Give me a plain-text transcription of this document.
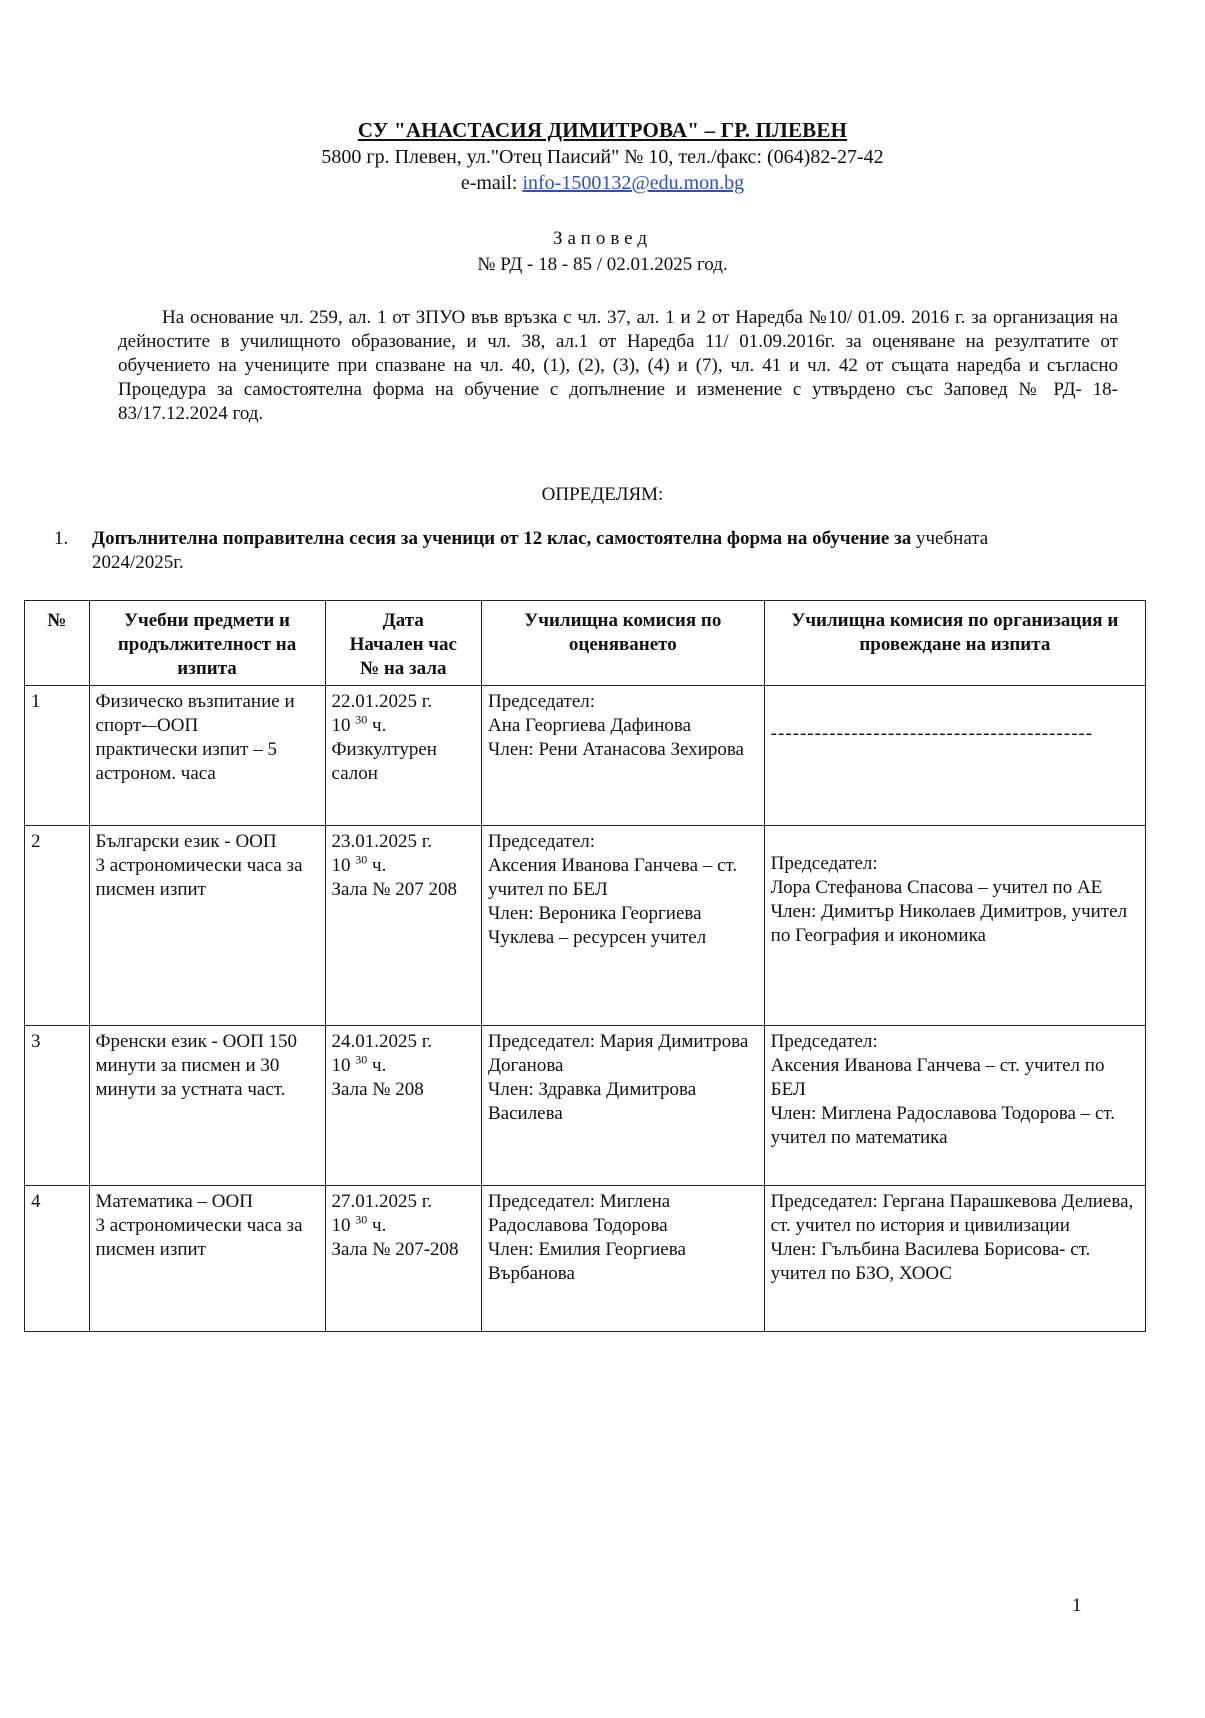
СУ "АНАСТАСИЯ ДИМИТРОВА" – ГР. ПЛЕВЕН
5800 гр. Плевен, ул."Отец Паисий" № 10, тел./факс: (064)82-27-42
e-mail: info-1500132@edu.mon.bg
Заповед
№ РД - 18 - 85 / 02.01.2025 год.
На основание чл. 259, ал. 1 от ЗПУО във връзка с чл. 37, ал. 1 и 2 от Наредба №10/ 01.09. 2016 г. за организация на дейностите в училищното образование, и чл. 38, ал.1 от Наредба 11/ 01.09.2016г. за оценяване на резултатите от обучението на учениците при спазване на чл. 40, (1), (2), (3), (4) и (7), чл. 41 и чл. 42 от същата наредба и съгласно Процедура за самостоятелна форма на обучение с допълнение и изменение с утвърдено със Заповед № РД- 18-83/17.12.2024 год.
ОПРЕДЕЛЯМ:
1. Допълнителна поправителна сесия за ученици от 12 клас, самостоятелна форма на обучение за учебната 2024/2025г.
№	Учебни предмети и продължителност на изпита	Дата
Начален час
№ на зала	Училищна комисия по оценяването	Училищна комисия по организация и провеждане на изпита

1	Физическо възпитание и спорт-–ООП
практически изпит – 5 астроном. часа	22.01.2025 г.
10 $^{30}$ ч.
Физкултурен салон	Председател:
Ана Георгиева Дафинова
Член: Рени Атанасова Зехирова	--------------------------------------------

2	Български език - ООП
3 астрономически часа за писмен изпит	23.01.2025 г.
10 $^{30}$ ч.
Зала № 207 208	Председател:
Аксения Иванова Ганчева – ст. учител по БЕЛ
Член: Вероника Георгиева Чуклева – ресурсен учител	Председател:
Лора Стефанова Спасова – учител по АЕ
Член: Димитър Николаев Димитров, учител по География и икономика

3	Френски език - ООП 150 минути за писмен и 30 минути за устната част.	24.01.2025 г.
10 $^{30}$ ч.
Зала № 208	Председател: Мария Димитрова Доганова
Член: Здравка Димитрова Василева	Председател:
Аксения Иванова Ганчева – ст. учител по БЕЛ
Член: Миглена Радославова Тодорова – ст. учител по математика

4	Математика – ООП
3 астрономически часа за писмен изпит	27.01.2025 г.
10 $^{30}$ ч.
Зала № 207-208	Председател: Миглена Радославова Тодорова
Член: Емилия Георгиева Върбанова	Председател: Гергана Парашкевова Делиева, ст. учител по история и цивилизации
Член: Гълъбина Василева Борисова- ст. учител по БЗО, ХООС
1
